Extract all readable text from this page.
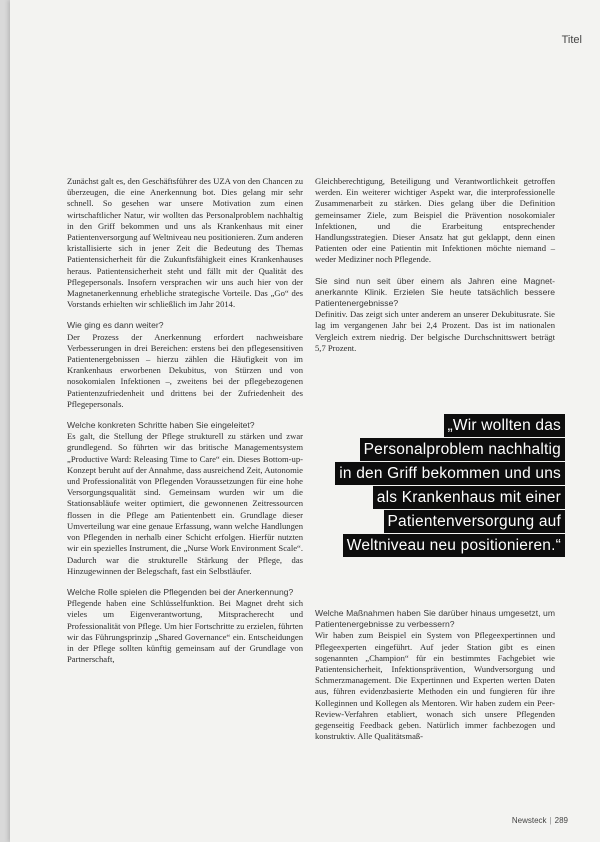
Titel

Zunächst galt es, den Geschäftsführer des UZA von den Chancen zu überzeugen, die eine Anerkennung bot. Dies gelang mir sehr schnell. So gesehen war unsere Motivation zum einen wirtschaftlicher Natur, wir wollten das Personalproblem nachhaltig in den Griff bekommen und uns als Krankenhaus mit einer Patientenversorgung auf Weltniveau neu positionieren. Zum anderen kristallisierte sich in jener Zeit die Bedeutung des Themas Patientensicherheit für die Zukunftsfähigkeit eines Krankenhauses heraus. Patientensicherheit steht und fällt mit der Qualität des Pflegepersonals. Insofern versprachen wir uns auch hier von der Magnetanerkennung erhebliche strategische Vorteile. Das „Go“ des Vorstands erhielten wir schließlich im Jahr 2014.

Wie ging es dann weiter?
Der Prozess der Anerkennung erfordert nachweisbare Verbesserungen in drei Bereichen: erstens bei den pflegesensitiven Patientenergebnissen – hierzu zählen die Häufigkeit von im Krankenhaus erworbenen Dekubitus, von Stürzen und von nosokomialen Infektionen –, zweitens bei der pflegebezogenen Patientenzufriedenheit und drittens bei der Zufriedenheit des Pflegepersonals.

Welche konkreten Schritte haben Sie eingeleitet?
Es galt, die Stellung der Pflege strukturell zu stärken und zwar grundlegend. So führten wir das britische Managementsystem „Productive Ward: Releasing Time to Care“ ein. Dieses Bottom-up-Konzept beruht auf der Annahme, dass ausreichend Zeit, Autonomie und Professionalität von Pflegenden Voraussetzungen für eine hohe Versorgungsqualität sind. Gemeinsam wurden wir um die Stationsabläufe weiter optimiert, die gewonnenen Zeitressourcen flossen in die Pflege am Patientenbett ein. Grundlage dieser Umverteilung war eine genaue Erfassung, wann welche Handlungen von Pflegenden in nerhalb einer Schicht erfolgen. Hierfür nutzten wir ein spezielles Instrument, die „Nurse Work Environment Scale“. Dadurch war die strukturelle Stärkung der Pflege, das Hinzugewinnen der Belegschaft, fast ein Selbstläufer.

Welche Rolle spielen die Pflegenden bei der Anerkennung?
Pflegende haben eine Schlüsselfunktion. Bei Magnet dreht sich vieles um Eigenverantwortung, Mitspracherecht und Professionalität von Pflege. Um hier Fortschritte zu erzielen, führten wir das Führungsprinzip „Shared Governance“ ein. Entscheidungen in der Pflege sollten künftig gemeinsam auf der Grundlage von Partnerschaft,

Gleichberechtigung, Beteiligung und Verantwortlichkeit getroffen werden. Ein weiterer wichtiger Aspekt war, die interprofessionelle Zusammenarbeit zu stärken. Dies gelang über die Definition gemeinsamer Ziele, zum Beispiel die Prävention nosokomialer Infektionen, und die Erarbeitung entsprechender Handlungsstrategien. Dieser Ansatz hat gut geklappt, denn einen Patienten oder eine Patientin mit Infektionen möchte niemand – weder Mediziner noch Pflegende.

Sie sind nun seit über einem als Jahren eine Magnet-anerkannte Klinik. Erzielen Sie heute tatsächlich bessere Patientenergebnisse?
Definitiv. Das zeigt sich unter anderem an unserer Dekubitusrate. Sie lag im vergangenen Jahr bei 2,4 Prozent. Das ist im nationalen Vergleich extrem niedrig. Der belgische Durchschnittswert beträgt 5,7 Prozent.

„Wir wollten das
Personalproblem nachhaltig
in den Griff bekommen und uns
als Krankenhaus mit einer
Patientenversorgung auf
Weltniveau neu positionieren.“

Welche Maßnahmen haben Sie darüber hinaus umgesetzt, um Patientenergebnisse zu verbessern?
Wir haben zum Beispiel ein System von Pflegeexpertinnen und Pflegeexperten eingeführt. Auf jeder Station gibt es einen sogenannten „Champion“ für ein bestimmtes Fachgebiet wie Patientensicherheit, Infektionsprävention, Wundversorgung und Schmerzmanagement. Die Expertinnen und Experten werten Daten aus, führen evidenzbasierte Methoden ein und fungieren für ihre Kolleginnen und Kollegen als Mentoren. Wir haben zudem ein Peer-Review-Verfahren etabliert, wonach sich unsere Pflegenden gegenseitig Feedback geben. Natürlich immer fachbezogen und konstruktiv. Alle Qualitätsmaß-

Newsteck | 289
